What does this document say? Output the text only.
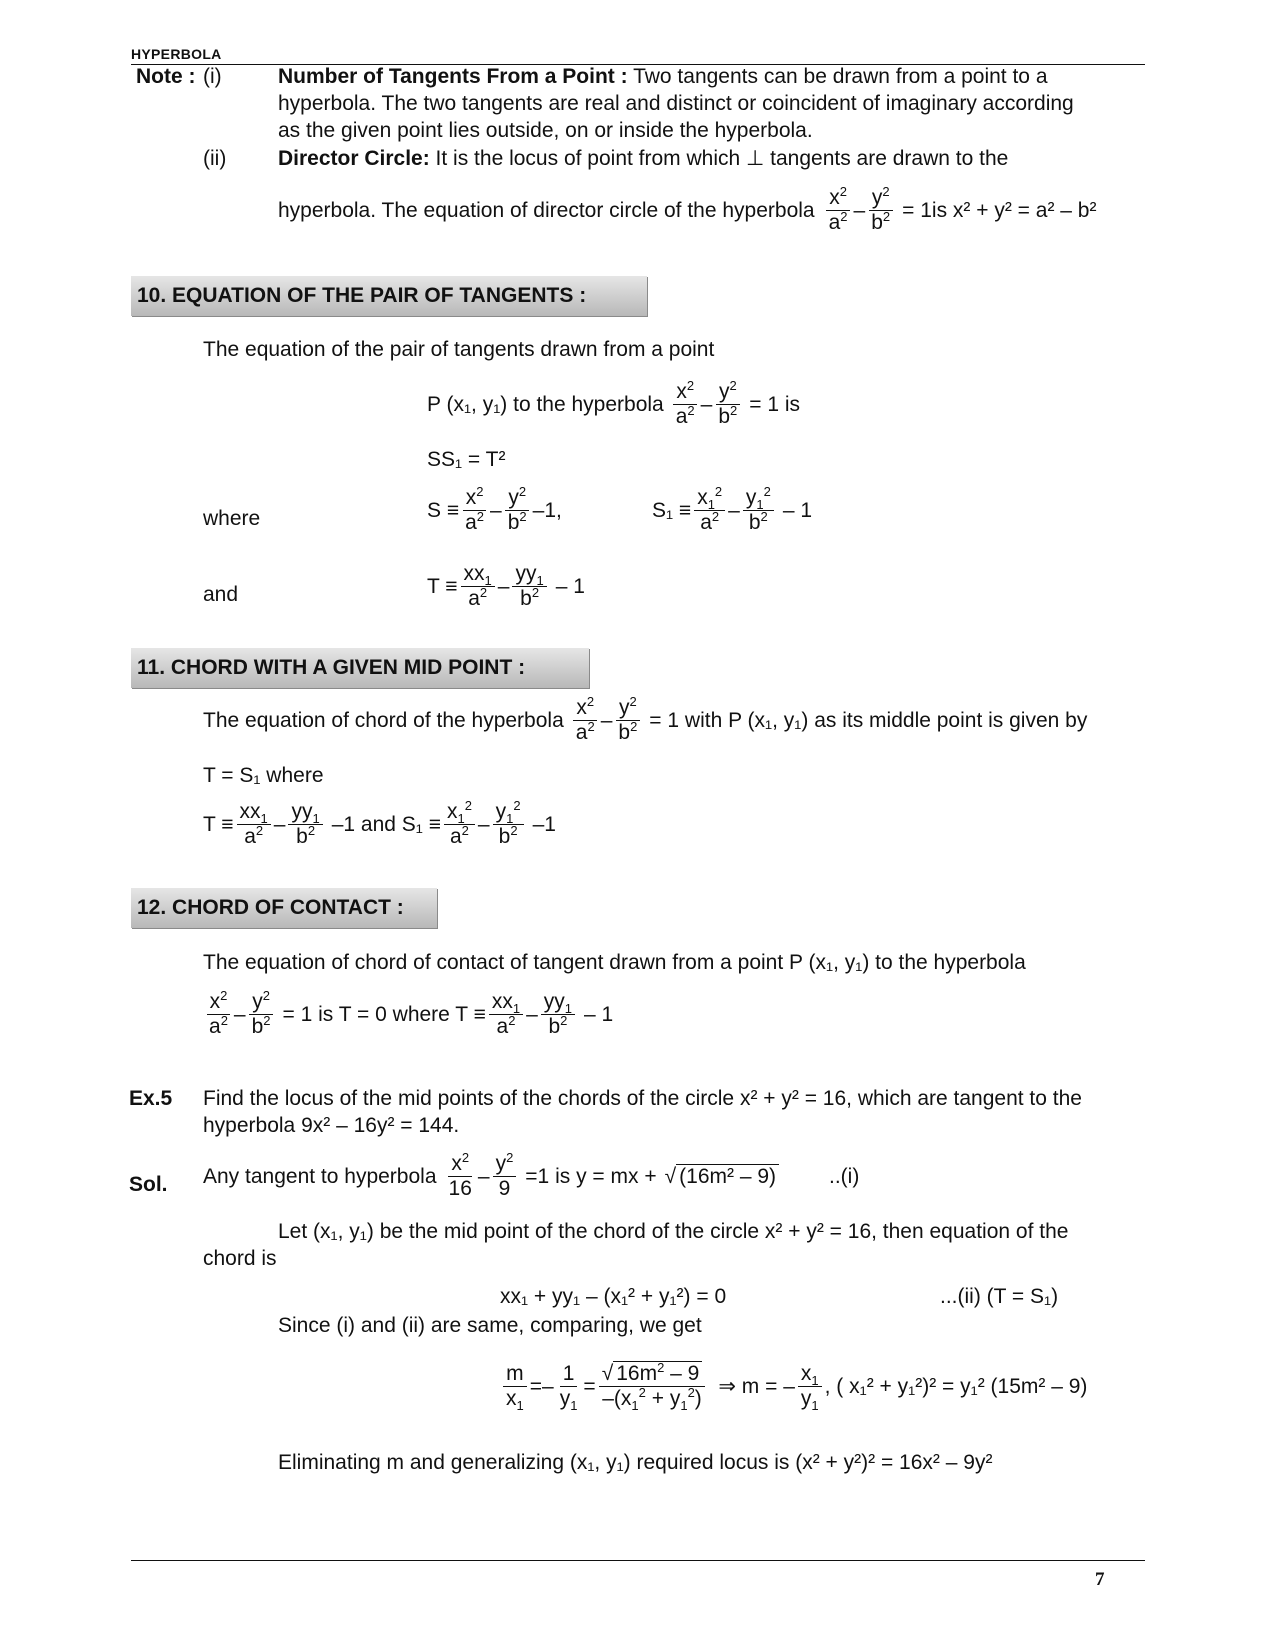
HYPERBOLA
Note : (i)	Number of Tangents From a Point : Two tangents can be drawn from a point to a
hyperbola. The two tangents are real and distinct or coincident of imaginary according
as the given point lies outside, on or inside the hyperbola.
(ii) Director Circle: It is the locus of point from which ⊥ tangents are drawn to the
hyperbola. The equation of director circle of the hyperbola
$x^2$
$a^2$ –
$y^2$
$b^2 = 1is$ x² + y² = a² – b²
10. EQUATION OF THE PAIR OF TANGENTS :
The equation of the pair of tangents drawn from a point
P (x₁, y₁) to the hyperbola
$x^2$
$a^2$ –
$y^2$
$b^2 = 1$ is
SS₁ = T²
where	S ≡
$x^2$
$a^2$ –
$y^2$
$b^2$ –1,	S₁ ≡
$x_1^2$
$a^2$ –
$y_1^2$
$b^2 - 1$
and	T ≡
$xx_1$
$a^2$ –
$yy_1$
$b^2 - 1$
11. CHORD WITH A GIVEN MID POINT :
The equation of chord of the hyperbola
$x^2$
$a^2$ –
$y^2$
$b^2 = 1$ with P (x₁, y₁) as its middle point is given by
T = S₁ where
T ≡
$xx_1$
$a^2$ –
$yy_1$
$b^2$ –1 and S₁ ≡
$x_1^2$
$a^2$ –
$y_1^2$
$b^2$ –1
12. CHORD OF CONTACT :
The equation of chord of contact of tangent drawn from a point P (x₁, y₁) to the hyperbola
$x^2$
$a^2$ –
$y^2$
$b^2 = 1$ is T = 0 where T ≡
$xx_1$
$a^2$ –
$yy_1$
$b^2 - 1$
Ex.5 Find the locus of the mid points of the chords of the circle x² + y² = 16, which are tangent to the
hyperbola 9x² – 16y² = 144.
Sol. Any tangent to hyperbola
$x^2$
16
–
$y^2$
9
=1 is y = mx + √ (16m² – 9)	..(i)
Let (x₁, y₁) be the mid point of the chord of the circle x² + y² = 16, then equation of the
chord is
xx₁ + yy₁ – (x₁² + y₁²) = 0	...(ii) (T = S₁)
Since (i) and (ii) are same, comparing, we get
m
$x_1$
=–
1
$y_1$
=
√ $16m^2 - 9$
$-(x_1^2 + y_1^2)$
⇒ m = –
$x_1$
$y_1$
, ( x₁² + y₁²)² = y₁² (15m² – 9)
Eliminating m and generalizing (x₁, y₁) required locus is (x² + y²)² = 16x² – 9y²
7
